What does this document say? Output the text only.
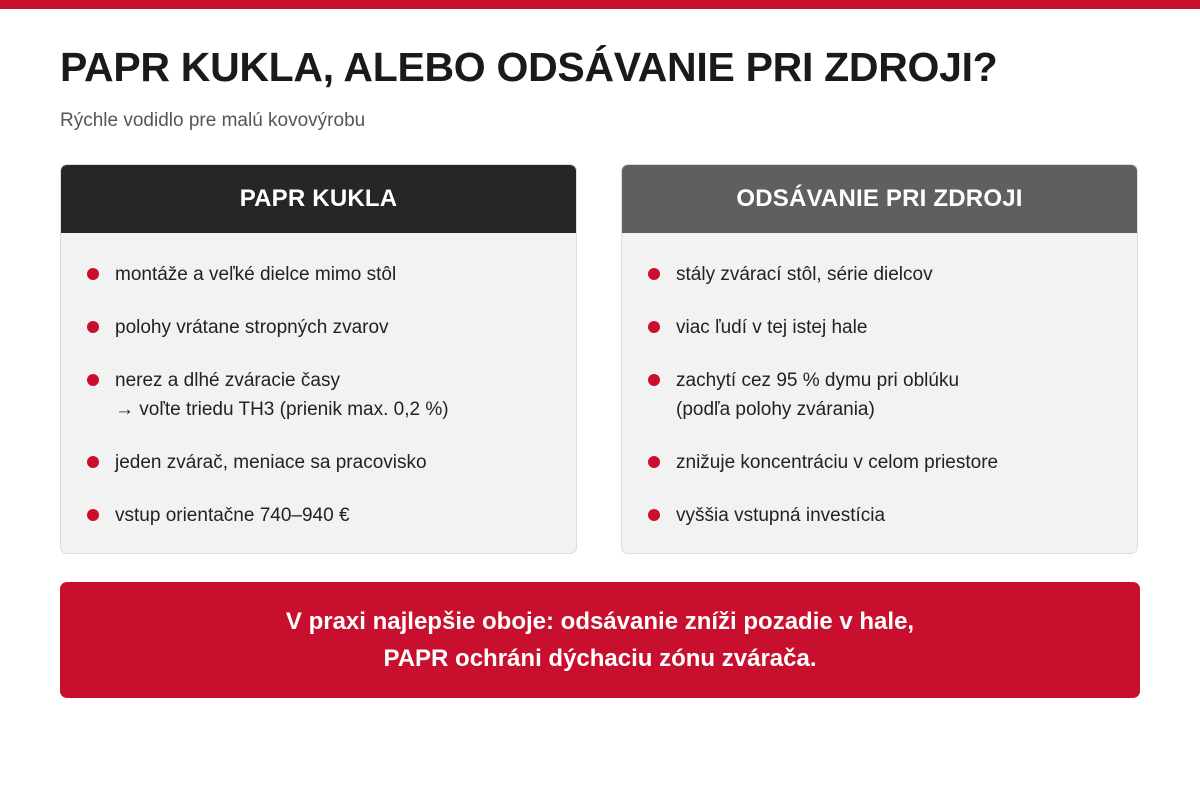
PAPR KUKLA, ALEBO ODSÁVANIE PRI ZDROJI?
Rýchle vodidlo pre malú kovovýrobu
PAPR KUKLA
montáže a veľké dielce mimo stôl
polohy vrátane stropných zvarov
nerez a dlhé zváracie časy
→ voľte triedu TH3 (prienik max. 0,2 %)
jeden zvárač, meniace sa pracovisko
vstup orientačne 740–940 €
ODSÁVANIE PRI ZDROJI
stály zvárací stôl, série dielcov
viac ľudí v tej istej hale
zachytí cez 95 % dymu pri oblúku
(podľa polohy zvárania)
znižuje koncentráciu v celom priestore
vyššia vstupná investícia
V praxi najlepšie oboje: odsávanie zníži pozadie v hale,
PAPR ochráni dýchaciu zónu zvárača.
